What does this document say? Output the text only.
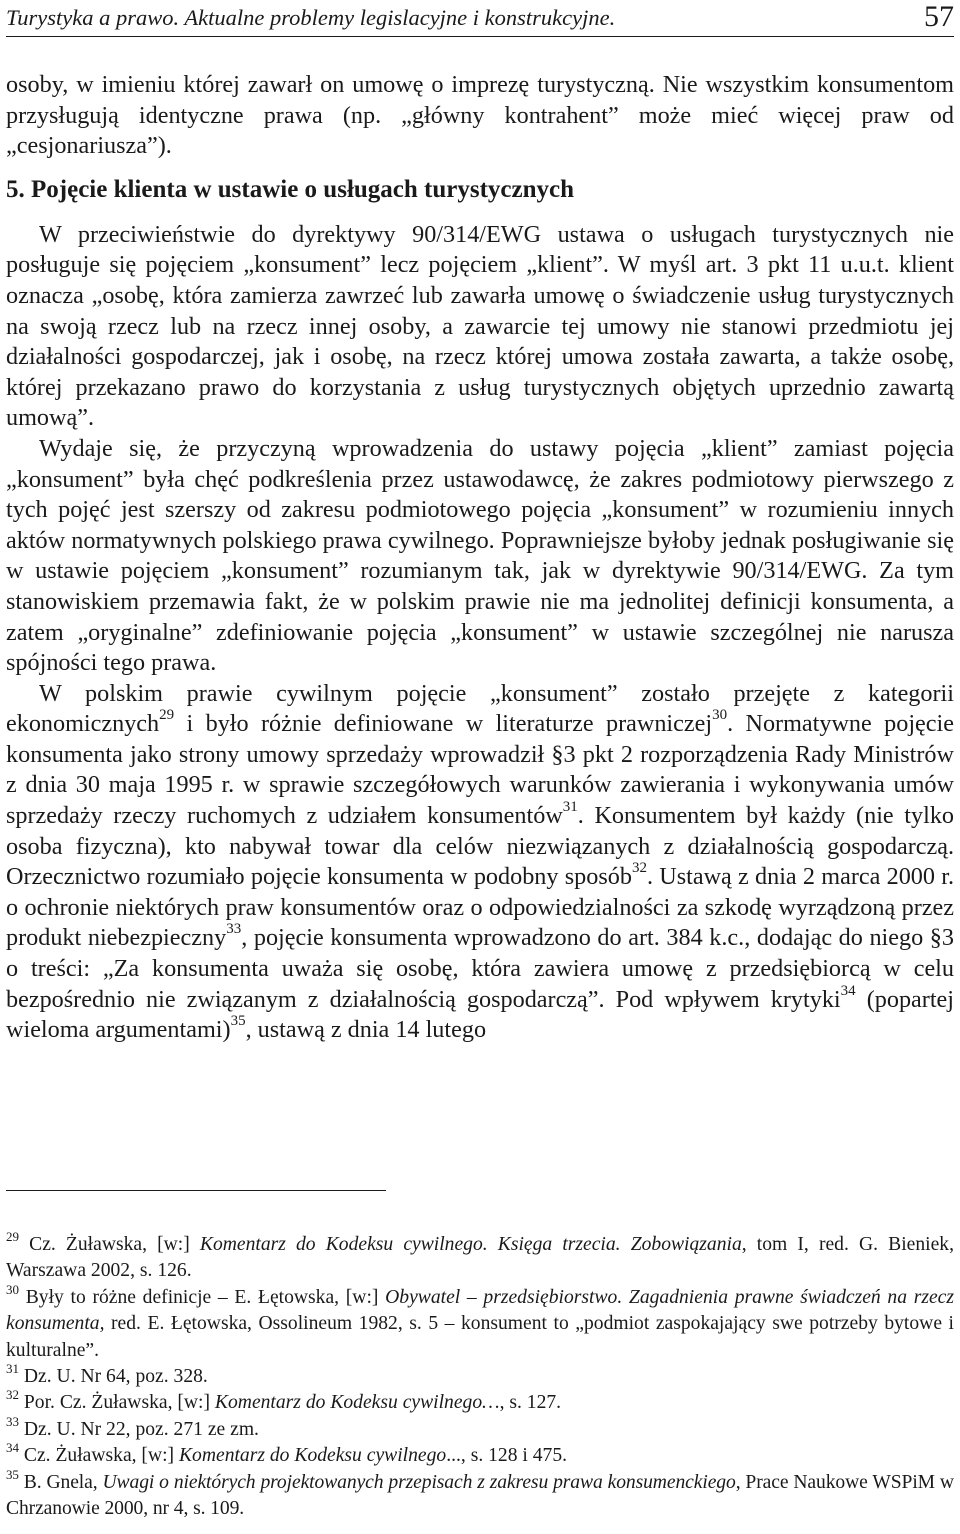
Turystyka a prawo. Aktualne problemy legislacyjne i konstrukcyjne.	57

osoby, w imieniu której zawarł on umowę o imprezę turystyczną. Nie wszystkim konsumentom przysługują identyczne prawa (np. „główny kontrahent” może mieć więcej praw od „cesjonariusza”).

5. Pojęcie klienta w ustawie o usługach turystycznych

W przeciwieństwie do dyrektywy 90/314/EWG ustawa o usługach turystycznych nie posługuje się pojęciem „konsument” lecz pojęciem „klient”. W myśl art. 3 pkt 11 u.u.t. klient oznacza „osobę, która zamierza zawrzeć lub zawarła umowę o świadczenie usług turystycznych na swoją rzecz lub na rzecz innej osoby, a zawarcie tej umowy nie stanowi przedmiotu jej działalności gospodarczej, jak i osobę, na rzecz której umowa została zawarta, a także osobę, której przekazano prawo do korzystania z usług turystycznych objętych uprzednio zawartą umową”.

Wydaje się, że przyczyną wprowadzenia do ustawy pojęcia „klient” zamiast pojęcia „konsument” była chęć podkreślenia przez ustawodawcę, że zakres podmiotowy pierwszego z tych pojęć jest szerszy od zakresu podmiotowego pojęcia „konsument” w rozumieniu innych aktów normatywnych polskiego prawa cywilnego. Poprawniejsze byłoby jednak posługiwanie się w ustawie pojęciem „konsument” rozumianym tak, jak w dyrektywie 90/314/EWG. Za tym stanowiskiem przemawia fakt, że w polskim prawie nie ma jednolitej definicji konsumenta, a zatem „oryginalne” zdefiniowanie pojęcia „konsument” w ustawie szczególnej nie narusza spójności tego prawa.

W polskim prawie cywilnym pojęcie „konsument” zostało przejęte z kategorii ekonomicznych$^{29}$ i było różnie definiowane w literaturze prawniczej$^{30}$. Normatywne pojęcie konsumenta jako strony umowy sprzedaży wprowadził §3 pkt 2 rozporządzenia Rady Ministrów z dnia 30 maja 1995 r. w sprawie szczegółowych warunków zawierania i wykonywania umów sprzedaży rzeczy ruchomych z udziałem konsumentów$^{31}$. Konsumentem był każdy (nie tylko osoba fizyczna), kto nabywał towar dla celów niezwiązanych z działalnością gospodarczą. Orzecznictwo rozumiało pojęcie konsumenta w podobny sposób$^{32}$. Ustawą z dnia 2 marca 2000 r. o ochronie niektórych praw konsumentów oraz o odpowiedzialności za szkodę wyrządzoną przez produkt niebezpieczny$^{33}$, pojęcie konsumenta wprowadzono do art. 384 k.c., dodając do niego §3 o treści: „Za konsumenta uważa się osobę, która zawiera umowę z przedsiębiorcą w celu bezpośrednio nie związanym z działalnością gospodarczą”. Pod wpływem krytyki$^{34}$ (popartej wieloma argumentami)$^{35}$, ustawą z dnia 14 lutego

$^{29}$ Cz. Żuławska, [w:] Komentarz do Kodeksu cywilnego. Księga trzecia. Zobowiązania, tom I, red. G. Bieniek, Warszawa 2002, s. 126.

$^{30}$ Były to różne definicje – E. Łętowska, [w:] Obywatel – przedsiębiorstwo. Zagadnienia prawne świadczeń na rzecz konsumenta, red. E. Łętowska, Ossolineum 1982, s. 5 – konsument to „podmiot zaspokajający swe potrzeby bytowe i kulturalne”.

$^{31}$ Dz. U. Nr 64, poz. 328.

$^{32}$ Por. Cz. Żuławska, [w:] Komentarz do Kodeksu cywilnego…, s. 127.

$^{33}$ Dz. U. Nr 22, poz. 271 ze zm.

$^{34}$ Cz. Żuławska, [w:] Komentarz do Kodeksu cywilnego..., s. 128 i 475.

$^{35}$ B. Gnela, Uwagi o niektórych projektowanych przepisach z zakresu prawa konsumenckiego, Prace Naukowe WSPiM w Chrzanowie 2000, nr 4, s. 109.
